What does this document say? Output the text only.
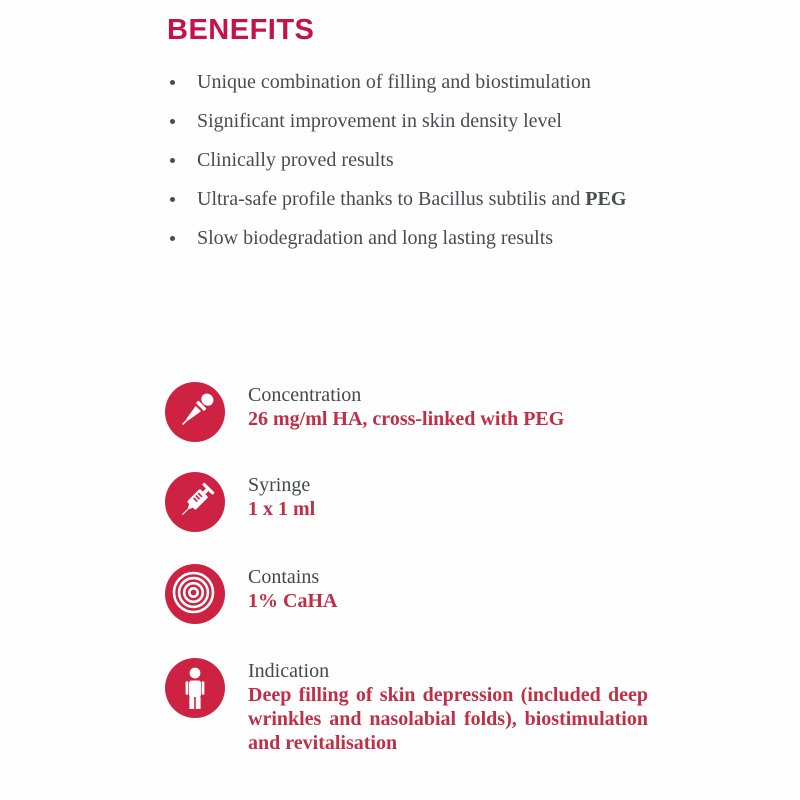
BENEFITS
Unique combination of filling and biostimulation
Significant improvement in skin density level
Clinically proved results
Ultra-safe profile thanks to Bacillus subtilis and PEG
Slow biodegradation and long lasting results
Concentration
26 mg/ml HA, cross-linked with PEG
Syringe
1 x 1 ml
Contains
1% CaHA
Indication
Deep filling of skin depression (included deep wrinkles and nasolabial folds), biostimulation and revitalisation
